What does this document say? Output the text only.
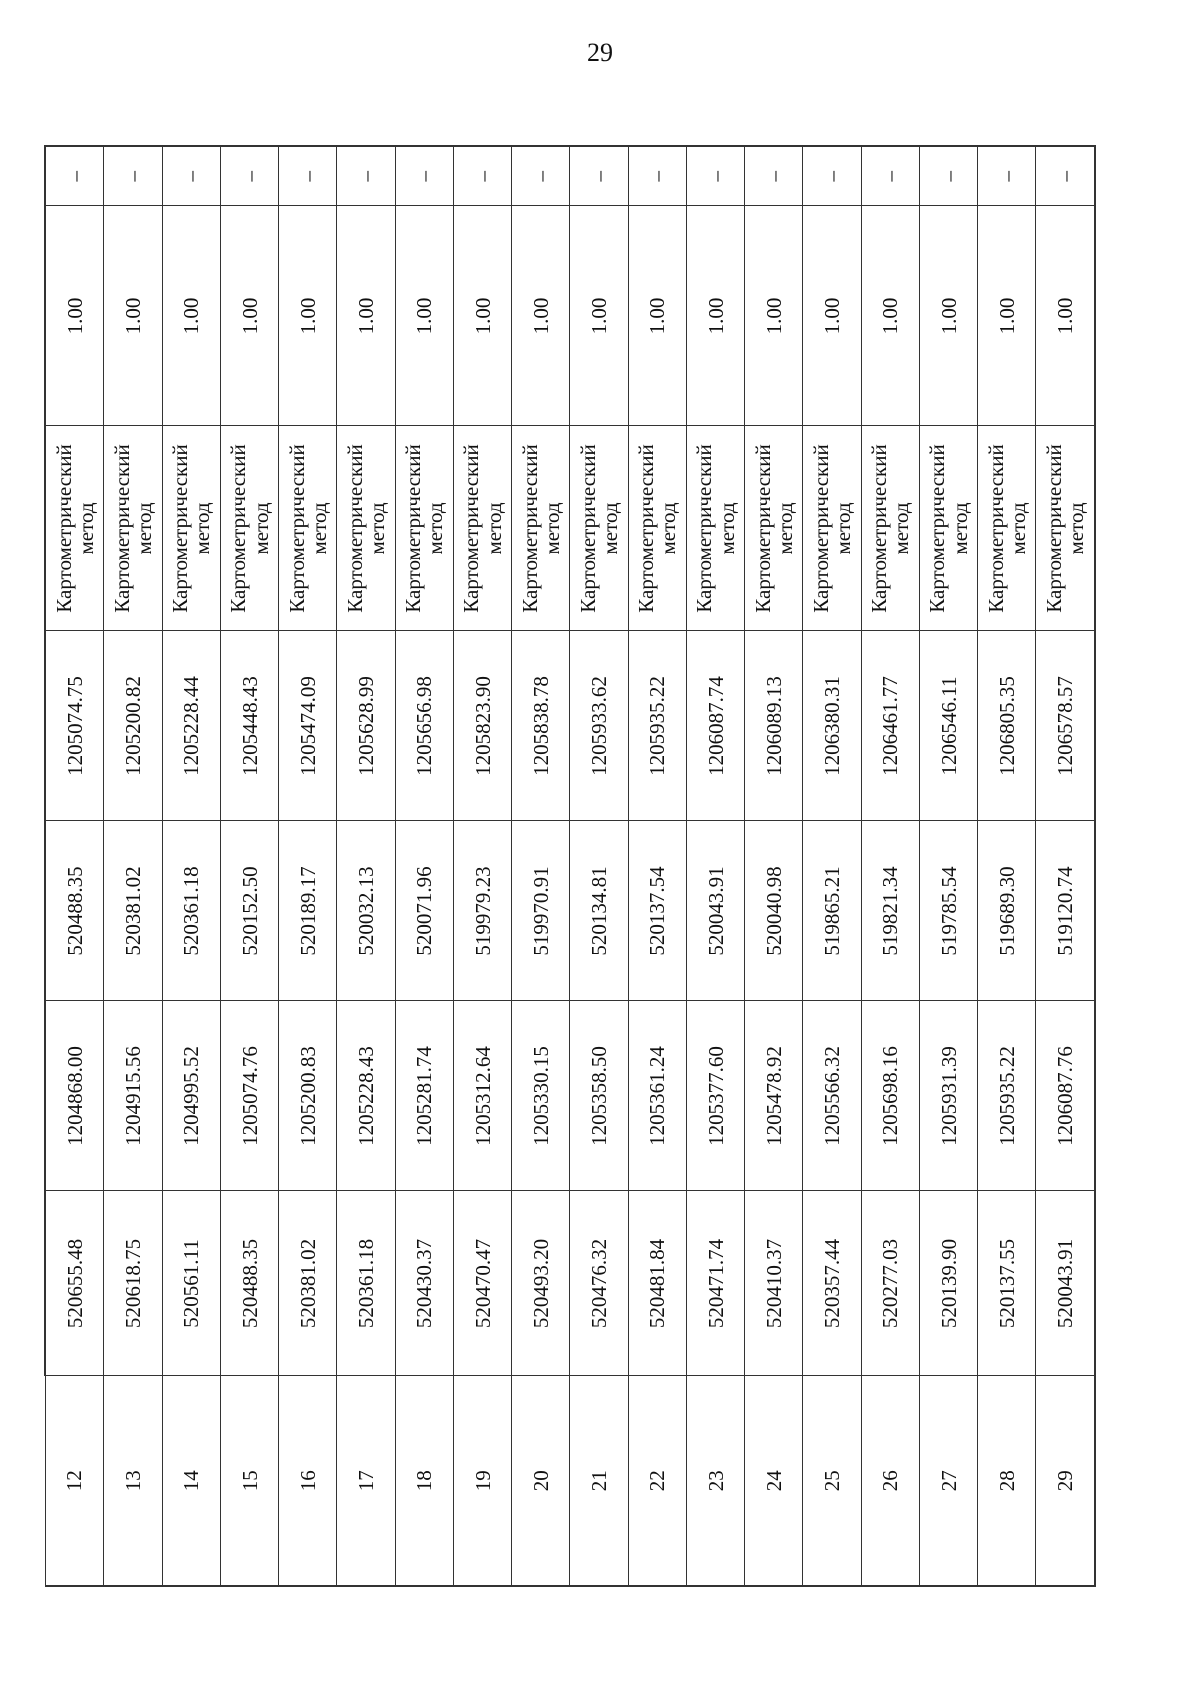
29
12	520655.48	1204868.00	520488.35	1205074.75	Картометрический
метод	1.00	–
13	520618.75	1204915.56	520381.02	1205200.82	Картометрический
метод	1.00	–
14	520561.11	1204995.52	520361.18	1205228.44	Картометрический
метод	1.00	–
15	520488.35	1205074.76	520152.50	1205448.43	Картометрический
метод	1.00	–
16	520381.02	1205200.83	520189.17	1205474.09	Картометрический
метод	1.00	–
17	520361.18	1205228.43	520032.13	1205628.99	Картометрический
метод	1.00	–
18	520430.37	1205281.74	520071.96	1205656.98	Картометрический
метод	1.00	–
19	520470.47	1205312.64	519979.23	1205823.90	Картометрический
метод	1.00	–
20	520493.20	1205330.15	519970.91	1205838.78	Картометрический
метод	1.00	–
21	520476.32	1205358.50	520134.81	1205933.62	Картометрический
метод	1.00	–
22	520481.84	1205361.24	520137.54	1205935.22	Картометрический
метод	1.00	–
23	520471.74	1205377.60	520043.91	1206087.74	Картометрический
метод	1.00	–
24	520410.37	1205478.92	520040.98	1206089.13	Картометрический
метод	1.00	–
25	520357.44	1205566.32	519865.21	1206380.31	Картометрический
метод	1.00	–
26	520277.03	1205698.16	519821.34	1206461.77	Картометрический
метод	1.00	–
27	520139.90	1205931.39	519785.54	1206546.11	Картометрический
метод	1.00	–
28	520137.55	1205935.22	519689.30	1206805.35	Картометрический
метод	1.00	–
29	520043.91	1206087.76	519120.74	1206578.57	Картометрический
метод	1.00	–
